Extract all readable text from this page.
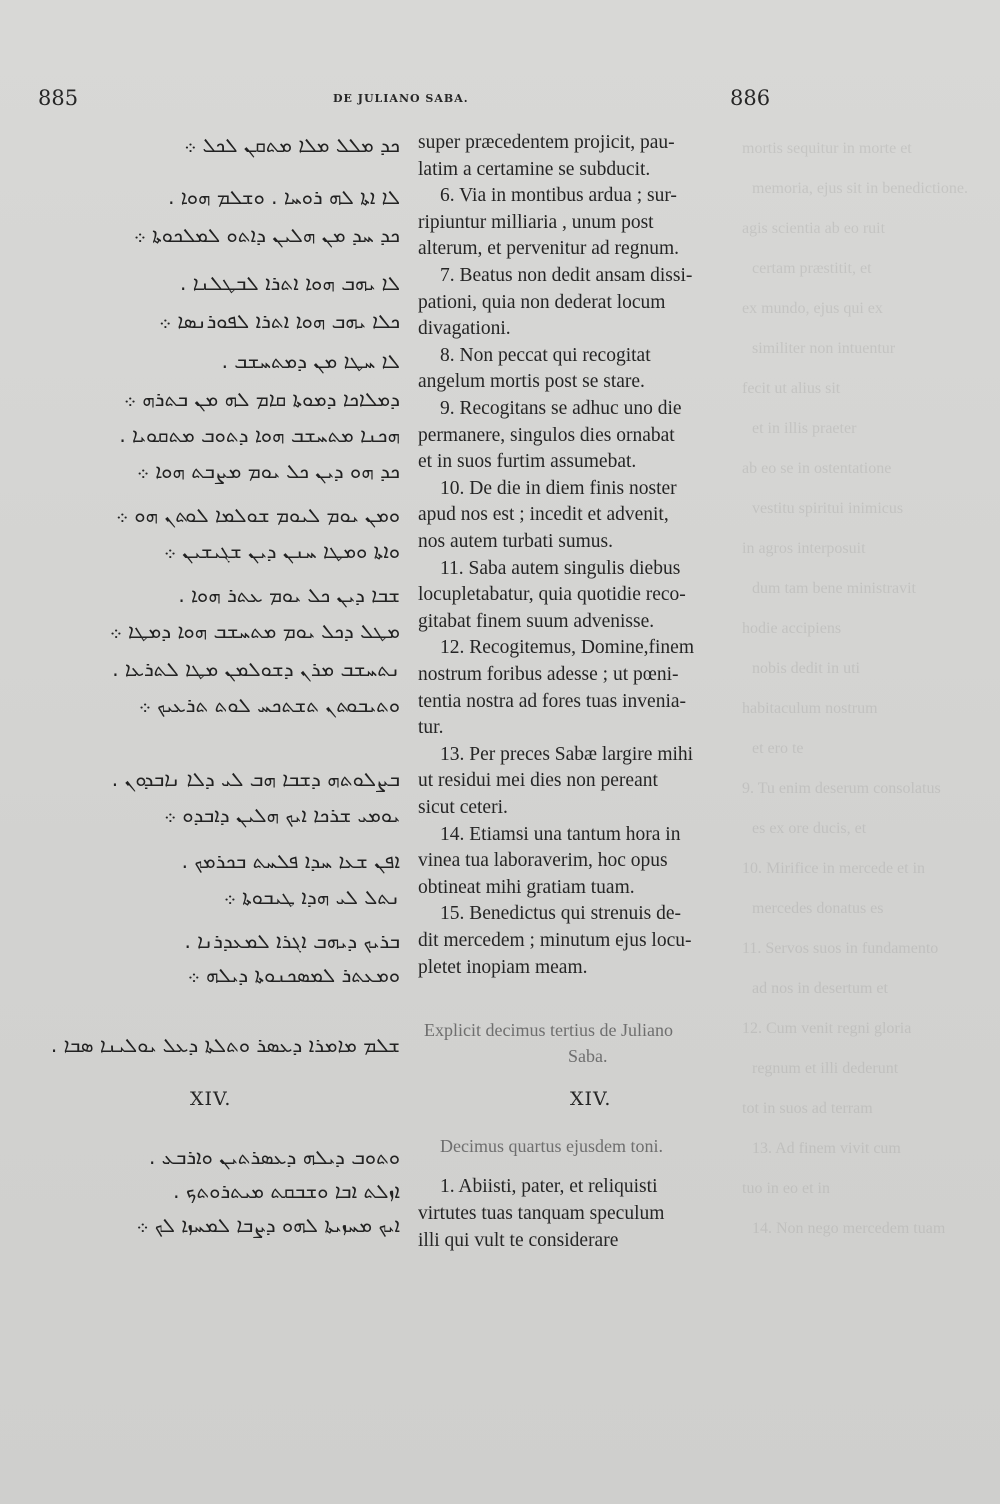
885	DE JULIANO SABA.	886
mortis sequitur in morte et
memoria, ejus sit in benedictione.
agis scientia ab eo ruit
certam præstitit, et
ex mundo, ejus qui ex
similiter non intuentur
fecit ut alius sit
et in illis praeter
ab eo se in ostentatione
vestitu spiritui inimicus
in agros interposuit
dum tam bene ministravit
hodie accipiens
nobis dedit in uti
habitaculum nostrum
et ero te
9. Tu enim deserum consolatus
es ex ore ducis, et
10. Mirifice in mercede et in
mercedes donatus es
11. Servos suos in fundamento
ad nos in desertum et
12. Cum venit regni gloria
regnum et illi dederunt
tot in suos ad terram
13. Ad finem vivit cum
tuo in eo et in
14. Non nego mercedem tuam
ܫܠܡ ܡܐܡܪܐ ܕܥܣܪ ܘܬܠܬܐ ܕܥܠ ܝܘܠܝܢܐ ܣܒܐ .
ܟܕ ܡܠܠ ܡܠܐ ܡܬܩܢ ܠܟܠ ܀
ܠܐ ܐܬܐ ܠܗ ܪܘܚܐ . ܘܫܠܡ ܗܘܐ .
ܟܕ ܚܕ ܡܢ ܗܠܝܢ ܕܐܬܘ ܠܡܠܟܘܬܐ ܀
ܠܐ ܝܗܒ ܗܘܐ ܐܬܪܐ ܠܒܛܠܢܐ .
ܟܠܐ ܝܗܒ ܗܘܐ ܐܬܪܐ ܠܦܘܪܢܣܐ ܀
ܠܐ ܚܛܐ ܡܢ ܕܡܬܚܫܒ .
ܕܡܠܐܟܐ ܕܡܘܬܐ ܩܐܡ ܠܗ ܡܢ ܒܬܪܗ ܀
ܗܟܢܐ ܡܬܚܫܒ ܗܘܐ ܕܬܘܒ ܡܬܩܘܝܐ .
ܟܕ ܗܘ ܕܝܢ ܟܠ ܝܘܡ ܡܨܒܬ ܗܘܐ ܀
ܘܡܢ ܝܘܡ ܠܝܘܡ ܫܘܠܡܐ ܠܘܬܢ ܗܘ ܀
ܘܐܬܐ ܘܡܛܐ ܚܢܢ ܕܝܢ ܫܓܝܫܝܢ ܀
ܫܒܐ ܕܝܢ ܟܠ ܝܘܡ ܥܬܪ ܗܘܐ .
ܡܛܠ ܕܟܠ ܝܘܡ ܡܬܚܫܒ ܗܘܐ ܕܡܛܐ ܀
ܢܬܚܫܒ ܡܪܢ ܕܫܘܠܡܢ ܡܛܐ ܠܬܪܥܐ .
ܘܬܝܒܘܬܢ ܬܫܬܟܚ ܠܘܬ ܬܪܥܝܟ ܀
ܒܨܠܘܬܗ ܕܫܒܐ ܗܒ ܠܝ ܕܠܐ ܢܐܒܕܘܢ .
ܝܘܡܝ ܫܪܟܐ ܐܝܟ ܗܠܝܢ ܕܐܒܕܘ ܀
ܐܦܢ ܫܥܐ ܚܕܐ ܦܠܚܬ ܒܟܪܡܟ .
ܢܬܠ ܠܝ ܗܕܐ ܛܝܒܘܬܐ ܀
ܒܪܝܟ ܕܝܗܒ ܐܓܪܐ ܠܡܥܕܪܢܐ .
ܘܡܥܬܪ ܠܡܣܟܢܘܬܐ ܕܝܠܗ ܀
ܘܬܘܒ ܕܝܠܗ ܕܥܣܪܬܝܢ ܘܐܪܒܥ .
ܐܙܠܬ ܐܒܐ ܘܫܒܩܬ ܡܝܬܪܘܬܟ .
ܐܝܟ ܡܚܙܝܬܐ ܠܗܘ ܕܨܒܐ ܠܡܚܙܐ ܠܟ ܀
XIV.
Explicit decimus tertius de Juliano
Saba.
Decimus quartus ejusdem toni.
super præcedentem projicit, pau-
latim a certamine se subducit.
6. Via in montibus ardua ; sur-
ripiuntur milliaria , unum post
alterum, et pervenitur ad regnum.
7. Beatus non dedit ansam dissi-
pationi, quia non dederat locum
divagationi.
8. Non peccat qui recogitat
angelum mortis post se stare.
9. Recogitans se adhuc uno die
permanere, singulos dies ornabat
et in suos furtim assumebat.
10. De die in diem finis noster
apud nos est ; incedit et advenit,
nos autem turbati sumus.
11. Saba autem singulis diebus
locupletabatur, quia quotidie reco-
gitabat finem suum advenisse.
12. Recogitemus, Domine,finem
nostrum foribus adesse ; ut pœni-
tentia nostra ad fores tuas invenia-
tur.
13. Per preces Sabæ largire mihi
ut residui mei dies non pereant
sicut ceteri.
14. Etiamsi una tantum hora in
vinea tua laboraverim, hoc opus
obtineat mihi gratiam tuam.
15. Benedictus qui strenuis de-
dit mercedem ; minutum ejus locu-
pletet inopiam meam.
1. Abiisti, pater, et reliquisti
virtutes tuas tanquam speculum
illi qui vult te considerare
XIV.
